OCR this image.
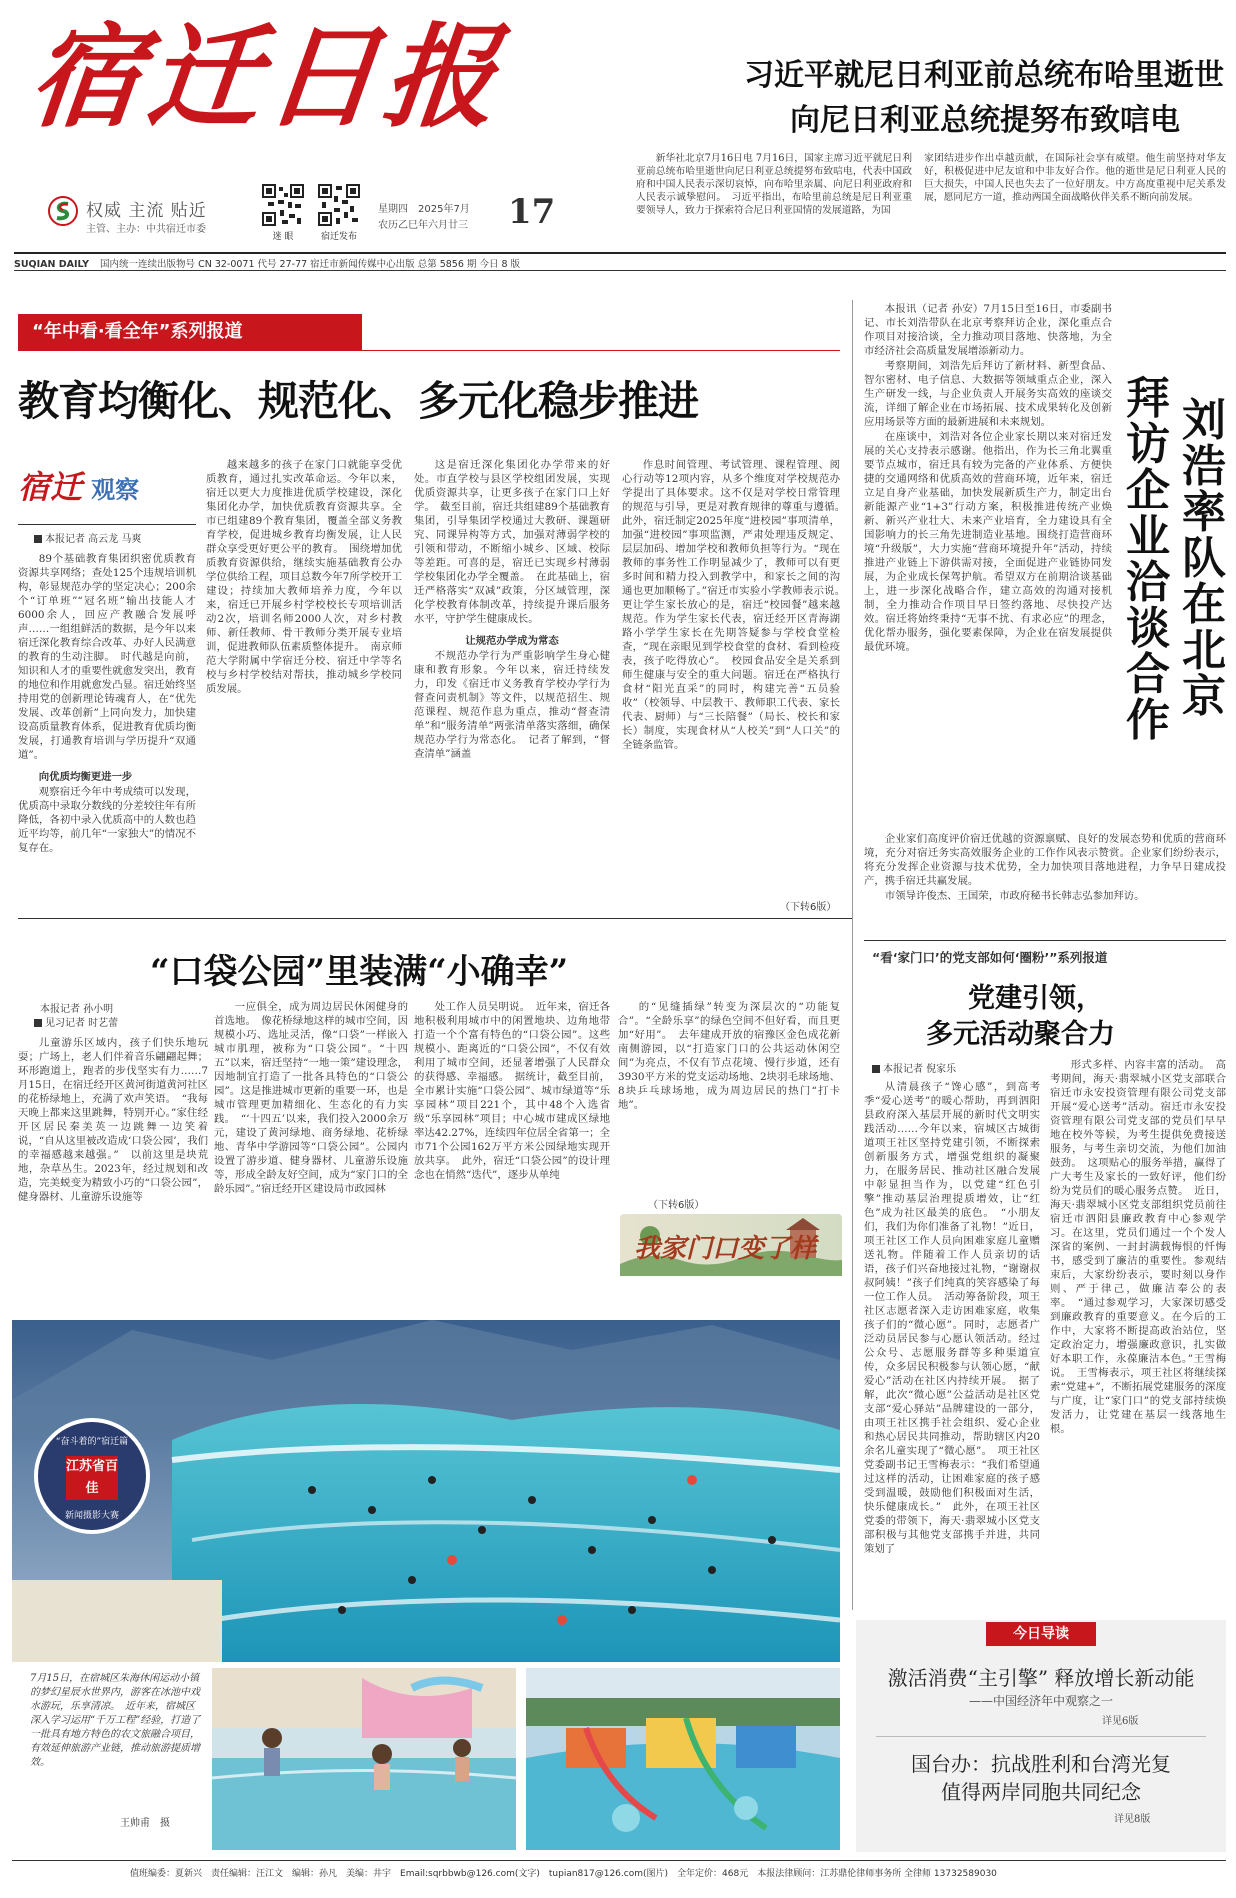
宿迁日报
权威 主流 贴近
主管、主办：中共宿迁市委
迷 眼	宿迁发布
星期四　2025年7月
农历乙巳年六月廿三 17
习近平就尼日利亚前总统布哈里逝世
向尼日利亚总统提努布致唁电
新华社北京7月16日电 7月16日，国家主席习近平就尼日利亚前总统布哈里逝世向尼日利亚总统提努布致唁电，代表中国政府和中国人民表示深切哀悼，向布哈里亲属、向尼日利亚政府和人民表示诚挚慰问。　习近平指出，布哈里前总统是尼日利亚重要领导人，致力于探索符合尼日利亚国情的发展道路，为国
家团结进步作出卓越贡献，在国际社会享有威望。他生前坚持对华友好，积极促进中尼友谊和中非友好合作。他的逝世是尼日利亚人民的巨大损失，中国人民也失去了一位好朋友。中方高度重视中尼关系发展，愿同尼方一道，推动两国全面战略伙伴关系不断向前发展。
SUQIAN DAILY 国内统一连续出版物号 CN 32-0071 代号 27-77 宿迁市新闻传媒中心出版 总第 5856 期 今日 8 版
“年中看·看全年”系列报道
教育均衡化、规范化、多元化稳步推进
宿迁 观察
本报记者 高云龙 马爽

89个基础教育集团织密优质教育资源共享网络；查处125个违规培训机构，彰显规范办学的坚定决心；200余个“订单班”“冠名班”输出技能人才6000余人，回应产教融合发展呼声……一组组鲜活的数据，是今年以来宿迁深化教育综合改革、办好人民满意的教育的生动注脚。　时代越是向前，知识和人才的重要性就愈发突出，教育的地位和作用就愈发凸显。宿迁始终坚持用党的创新理论铸魂育人，在“优先发展、改革创新”上同向发力，加快建设高质量教育体系，促进教育优质均衡发展，打通教育培训与学历提升“双通道”。

向优质均衡更进一步

观察宿迁今年中考成绩可以发现，优质高中录取分数线的分差较往年有所降低，各初中录入优质高中的人数也趋近平均等，前几年“一家独大”的情况不复存在。

越来越多的孩子在家门口就能享受优质教育，通过扎实改革命运。今年以来，宿迁以更大力度推进优质学校建设，深化集团化办学，加快优质教育资源共享。全市已组建89个教育集团，覆盖全部义务教育学校，促进城乡教育均衡发展，让人民群众享受更好更公平的教育。　围绕增加优质教育资源供给，继续实施基础教育公办学位供给工程，项目总数今年7所学校开工建设；持续加大教师培养力度，今年以来，宿迁已开展乡村学校校长专项培训活动2次，培训名师2000人次，对乡村教师、新任教师、骨干教师分类开展专业培训，促进教师队伍素质整体提升。　南京师范大学附属中学宿迁分校、宿迁中学等名校与乡村学校结对帮扶，推动城乡学校同质发展。

这是宿迁深化集团化办学带来的好处。市直学校与县区学校组团发展，实现优质资源共享，让更多孩子在家门口上好学。　截至目前，宿迁共组建89个基础教育集团，引导集团学校通过大教研、课题研究、同课异构等方式，加强对薄弱学校的引领和带动，不断缩小城乡、区域、校际等差距。可喜的是，宿迁已实现乡村薄弱学校集团化办学全覆盖。　在此基础上，宿迁严格落实“双减”政策，分区域管理，深化学校教育体制改革，持续提升课后服务水平，守护学生健康成长。

让规范办学成为常态

不规范办学行为严重影响学生身心健康和教育形象。今年以来，宿迁持续发力，印发《宿迁市义务教育学校办学行为督查问责机制》等文件，以规范招生、规范课程、规范作息为重点，推动“督查清单”和“服务清单”两张清单落实落细，确保规范办学行为常态化。　记者了解到，“督查清单”涵盖

作息时间管理、考试管理、课程管理、阅心行动等12项内容，从多个维度对学校规范办学提出了具体要求。这不仅是对学校日常管理的规范与引导，更是对教育规律的尊重与遵循。　此外，宿迁制定2025年度“进校园”事项清单，加强“进校园”事项监测，严肃处理违反规定、层层加码、增加学校和教师负担等行为。“现在教师的事务性工作明显减少了，教师可以有更多时间和精力投入到教学中，和家长之间的沟通也更加顺畅了。”宿迁市实验小学教师表示说。　更让学生家长放心的是，宿迁“校园餐”越来越规范。作为学生家长代表，宿迁经开区青海湖路小学学生家长在先期答疑参与学校食堂检查，“现在亲眼见到学校食堂的食材、看到检疫表，孩子吃得放心”。　校园食品安全是关系到师生健康与安全的重大问题。宿迁在严格执行食材“阳光直采”的同时，构建完善“五员验收”（校领导、中层教干、教师职工代表、家长代表、厨师）与“三长陪餐”（局长、校长和家长）制度，实现食材从“人校关”到“人口关”的全链条监管。

（下转6版）

本报讯（记者 孙安）7月15日至16日，市委副书记、市长刘浩带队在北京考察拜访企业，深化重点合作项目对接洽谈，全力推动项目落地、快落地，为全市经济社会高质量发展增添新动力。

考察期间，刘浩先后拜访了新材料、新型食品、智尔密材、电子信息、大数据等领域重点企业，深入生产研发一线，与企业负责人开展务实高效的座谈交流，详细了解企业在市场拓展、技术成果转化及创新应用场景等方面的最新进展和未来规划。

在座谈中，刘浩对各位企业家长期以来对宿迁发展的关心支持表示感谢。他指出，作为长三角北翼重要节点城市，宿迁具有较为完备的产业体系、方便快捷的交通网络和优质高效的营商环境，近年来，宿迁立足自身产业基础，加快发展新质生产力，制定出台新能源产业“1+3”行动方案，积极推进传统产业焕新、新兴产业壮大、未来产业培育，全力建设具有全国影响力的长三角先进制造业基地。围绕打造营商环境“升级版”，大力实施“营商环境提升年”活动，持续推进产业链上下游供需对接，全面促进产业链协同发展，为企业成长保驾护航。希望双方在前期洽谈基础上，进一步深化战略合作，建立高效的沟通对接机制，全力推动合作项目早日签约落地、尽快投产达效。宿迁将始终秉持“无事不扰、有求必应”的理念，优化帮办服务，强化要素保障，为企业在宿发展提供最优环境。

刘浩率队在北京
拜访企业洽谈合作

企业家们高度评价宿迁优越的资源禀赋、良好的发展态势和优质的营商环境，充分对宿迁务实高效服务企业的工作作风表示赞赏。企业家们纷纷表示，将充分发挥企业资源与技术优势，全力加快项目落地进程，力争早日建成投产，携手宿迁共赢发展。

市领导许俊杰、王国荣，市政府秘书长韩志弘参加拜访。

“看‘家门口’的党支部如何‘圈粉’”系列报道
党建引领，
多元活动聚合力
本报记者 倪家乐

从清晨孩子“馋心感”，到高考季“爱心送考”的暖心帮助，再到泗阳县政府深入基层开展的新时代文明实践活动……今年以来，宿城区古城街道项王社区坚持党建引领，不断探索创新服务方式，增强党组织的凝聚力，在服务居民、推动社区融合发展中彰显担当作为，以党建“红色引擎”推动基层治理提质增效，让“红色”成为社区最美的底色。　“小朋友们，我们为你们准备了礼物！”近日，项王社区工作人员向困难家庭儿童赠送礼物。伴随着工作人员亲切的话语，孩子们兴奋地接过礼物，“谢谢叔叔阿姨！”孩子们纯真的笑容感染了每一位工作人员。　活动筹备阶段，项王社区志愿者深入走访困难家庭，收集孩子们的“微心愿”。同时，志愿者广泛动员居民参与心愿认领活动。经过公众号、志愿服务群等多种渠道宣传，众多居民积极参与认领心愿，“献爱心”活动在社区内持续开展。　据了解，此次“微心愿”公益活动是社区党支部“爱心驿站”品牌建设的一部分，由项王社区携手社会组织、爱心企业和热心居民共同推动，帮助辖区内20余名儿童实现了“微心愿”。　项王社区党委副书记王雪梅表示：“我们希望通过这样的活动，让困难家庭的孩子感受到温暖，鼓励他们积极面对生活，快乐健康成长。”　此外，在项王社区党委的带领下，海天·翡翠城小区党支部积极与其他党支部携手并进，共同策划了

形式多样、内容丰富的活动。　高考期间，海天·翡翠城小区党支部联合宿迁市永安投资管理有限公司党支部开展“爱心送考”活动。宿迁市永安投资管理有限公司党支部的党员们早早地在校外等候，为考生提供免费接送服务，与考生亲切交流，为他们加油鼓劲。　这项贴心的服务举措，赢得了广大考生及家长的一致好评，他们纷纷为党员们的暖心服务点赞。　近日，海天·翡翠城小区党支部组织党员前往宿迁市泗阳县廉政教育中心参观学习。在这里，党员们通过一个个发人深省的案例、一封封满载悔恨的忏悔书，感受到了廉洁的重要性。参观结束后，大家纷纷表示，要时刻以身作则、严于律己，做廉洁奉公的表率。　“通过参观学习，大家深切感受到廉政教育的重要意义。在今后的工作中，大家将不断提高政治站位，坚定政治定力，增强廉政意识，扎实做好本职工作，永葆廉洁本色。”王雪梅说。　王雪梅表示，项王社区将继续探索“党建+”，不断拓展党建服务的深度与广度，让“家门口”的党支部持续焕发活力，让党建在基层一线落地生根。

“口袋公园”里装满“小确幸”
本报记者 孙小明
见习记者 时艺蕾

儿童游乐区域内，孩子们快乐地玩耍；广场上，老人们伴着音乐翩翩起舞；环形跑道上，跑者的步伐坚实有力……7月15日，在宿迁经开区黄河街道黄河社区的花桥绿地上，充满了欢声笑语。　“我每天晚上都来这里跳舞，特别开心。”家住经开区居民秦美英一边跳舞一边笑着说，“自从这里被改造成‘口袋公园’，我们的幸福感越来越强。”　以前这里是块荒地，杂草丛生。2023年，经过规划和改造，完美蜕变为精致小巧的“口袋公园”，健身器材、儿童游乐设施等

一应俱全，成为周边居民休闲健身的首选地。　像花桥绿地这样的城市空间，因规模小巧、选址灵活，像“口袋”一样嵌入城市肌理，被称为“口袋公园”。“十四五”以来，宿迁坚持“一地一策”建设理念，因地制宜打造了一批各具特色的“口袋公园”。这是推进城市更新的重要一环，也是城市管理更加精细化、生态化的有力实践。　“‘十四五’以来，我们投入2000余万元，建设了黄河绿地、商务绿地、花桥绿地、青华中学游园等“口袋公园”。公园内设置了游步道、健身器材、儿童游乐设施等，形成全龄友好空间，成为“家门口的全龄乐园”。”宿迁经开区建设局市政园林

处工作人员吴明说。　近年来，宿迁各地积极利用城市中的闲置地块、边角地带打造一个个富有特色的“口袋公园”。这些规模小、距离近的“口袋公园”，不仅有效利用了城市空间，还显著增强了人民群众的获得感、幸福感。　据统计，截至目前，全市累计实施“口袋公园”、城市绿道等“乐享园林”项目221个，其中48个入选省级“乐享园林”项目；中心城市建成区绿地率达42.27%，连续四年位居全省第一；全市71个公园162万平方米公园绿地实现开放共享。　此外，宿迁“口袋公园”的设计理念也在悄然“迭代”，逐步从单纯

的“见缝插绿”转变为深层次的“功能复合”。“全龄乐享”的绿色空间不但好看，而且更加“好用”。　去年建成开放的宿豫区金色成花新南侧游园，以“打造家门口的公共运动休闲空间”为亮点，不仅有节点花境、慢行步道，还有3930平方米的党支运动场地、2块羽毛球场地、8块乒乓球场地，成为周边居民的热门“打卡地”。

（下转6版）
我家门口变了样
“奋斗着的”宿迁篇
江苏省百佳
新闻摄影大赛
7月15日，在宿城区朱海休闲运动小镇的梦幻星辰水世界内，游客在冰池中戏水游玩，乐享清凉。　近年来，宿城区深入学习运用“千万工程”经验，打造了一批具有地方特色的农文旅融合项目，有效延伸旅游产业链，推动旅游提质增效。
王帅甫　摄
今日导读
激活消费“主引擎” 释放增长新动能
——中国经济年中观察之一
详见6版
国台办：抗战胜利和台湾光复
值得两岸同胞共同纪念
详见8版
值班编委：夏新兴　责任编辑：汪江文　编辑：孙凡　美编：井宇　Email:sqrbbwb@126.com(文字)　tupian817@126.com(图片)　全年定价：468元　本报法律顾问：江苏鼎伦律师事务所 全律师 13732589030
